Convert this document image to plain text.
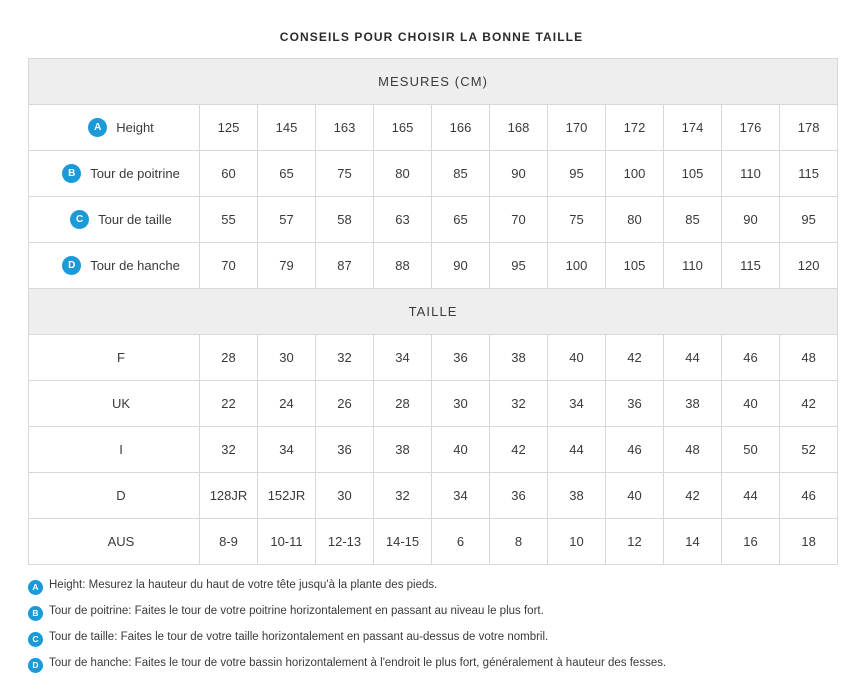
CONSEILS POUR CHOISIR LA BONNE TAILLE
MESURES (CM)											
A Height	125	145	163	165	166	168	170	172	174	176	178
B Tour de poitrine	60	65	75	80	85	90	95	100	105	110	115
C Tour de taille	55	57	58	63	65	70	75	80	85	90	95
D Tour de hanche	70	79	87	88	90	95	100	105	110	115	120
TAILLE											
F	28	30	32	34	36	38	40	42	44	46	48
UK	22	24	26	28	30	32	34	36	38	40	42
I	32	34	36	38	40	42	44	46	48	50	52
D	128JR	152JR	30	32	34	36	38	40	42	44	46
AUS	8-9	10-11	12-13	14-15	6	8	10	12	14	16	18
A Height: Mesurez la hauteur du haut de votre tête jusqu'à la plante des pieds.
B Tour de poitrine: Faites le tour de votre poitrine horizontalement en passant au niveau le plus fort.
C Tour de taille: Faites le tour de votre taille horizontalement en passant au-dessus de votre nombril.
D Tour de hanche: Faites le tour de votre bassin horizontalement à l'endroit le plus fort, généralement à hauteur des fesses.
